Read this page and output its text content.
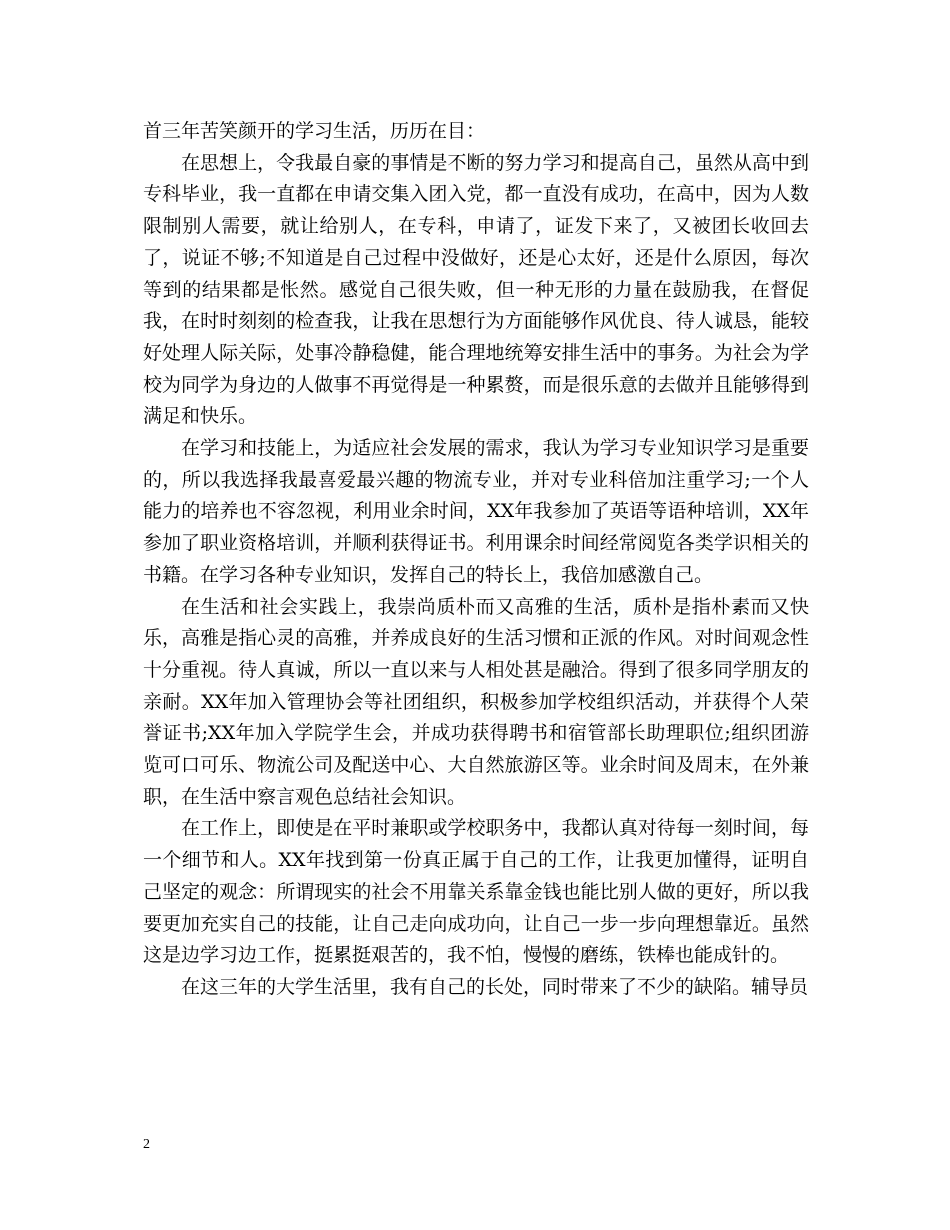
首三年苦笑颜开的学习生活，历历在目：

在思想上，令我最自豪的事情是不断的努力学习和提高自己，虽然从高中到专科毕业，我一直都在申请交集入团入党，都一直没有成功，在高中，因为人数限制别人需要，就让给别人，在专科，申请了，证发下来了，又被团长收回去了，说证不够;不知道是自己过程中没做好，还是心太好，还是什么原因，每次等到的结果都是怅然。感觉自己很失败，但一种无形的力量在鼓励我，在督促我，在时时刻刻的检查我，让我在思想行为方面能够作风优良、待人诚恳，能较好处理人际关际，处事冷静稳健，能合理地统筹安排生活中的事务。为社会为学校为同学为身边的人做事不再觉得是一种累赘，而是很乐意的去做并且能够得到满足和快乐。

在学习和技能上，为适应社会发展的需求，我认为学习专业知识学习是重要的，所以我选择我最喜爱最兴趣的物流专业，并对专业科倍加注重学习;一个人能力的培养也不容忽视，利用业余时间，XX年我参加了英语等语种培训，XX年参加了职业资格培训，并顺利获得证书。利用课余时间经常阅览各类学识相关的书籍。在学习各种专业知识，发挥自己的特长上，我倍加感激自己。

在生活和社会实践上，我崇尚质朴而又高雅的生活，质朴是指朴素而又快乐，高雅是指心灵的高雅，并养成良好的生活习惯和正派的作风。对时间观念性十分重视。待人真诚，所以一直以来与人相处甚是融洽。得到了很多同学朋友的亲耐。XX年加入管理协会等社团组织，积极参加学校组织活动，并获得个人荣誉证书;XX年加入学院学生会，并成功获得聘书和宿管部长助理职位;组织团游览可口可乐、物流公司及配送中心、大自然旅游区等。业余时间及周末，在外兼职，在生活中察言观色总结社会知识。

在工作上，即使是在平时兼职或学校职务中，我都认真对待每一刻时间，每一个细节和人。XX年找到第一份真正属于自己的工作，让我更加懂得，证明自己坚定的观念：所谓现实的社会不用靠关系靠金钱也能比别人做的更好，所以我要更加充实自己的技能，让自己走向成功向，让自己一步一步向理想靠近。虽然这是边学习边工作，挺累挺艰苦的，我不怕，慢慢的磨练，铁棒也能成针的。

在这三年的大学生活里，我有自己的长处，同时带来了不少的缺陷。辅导员

2
